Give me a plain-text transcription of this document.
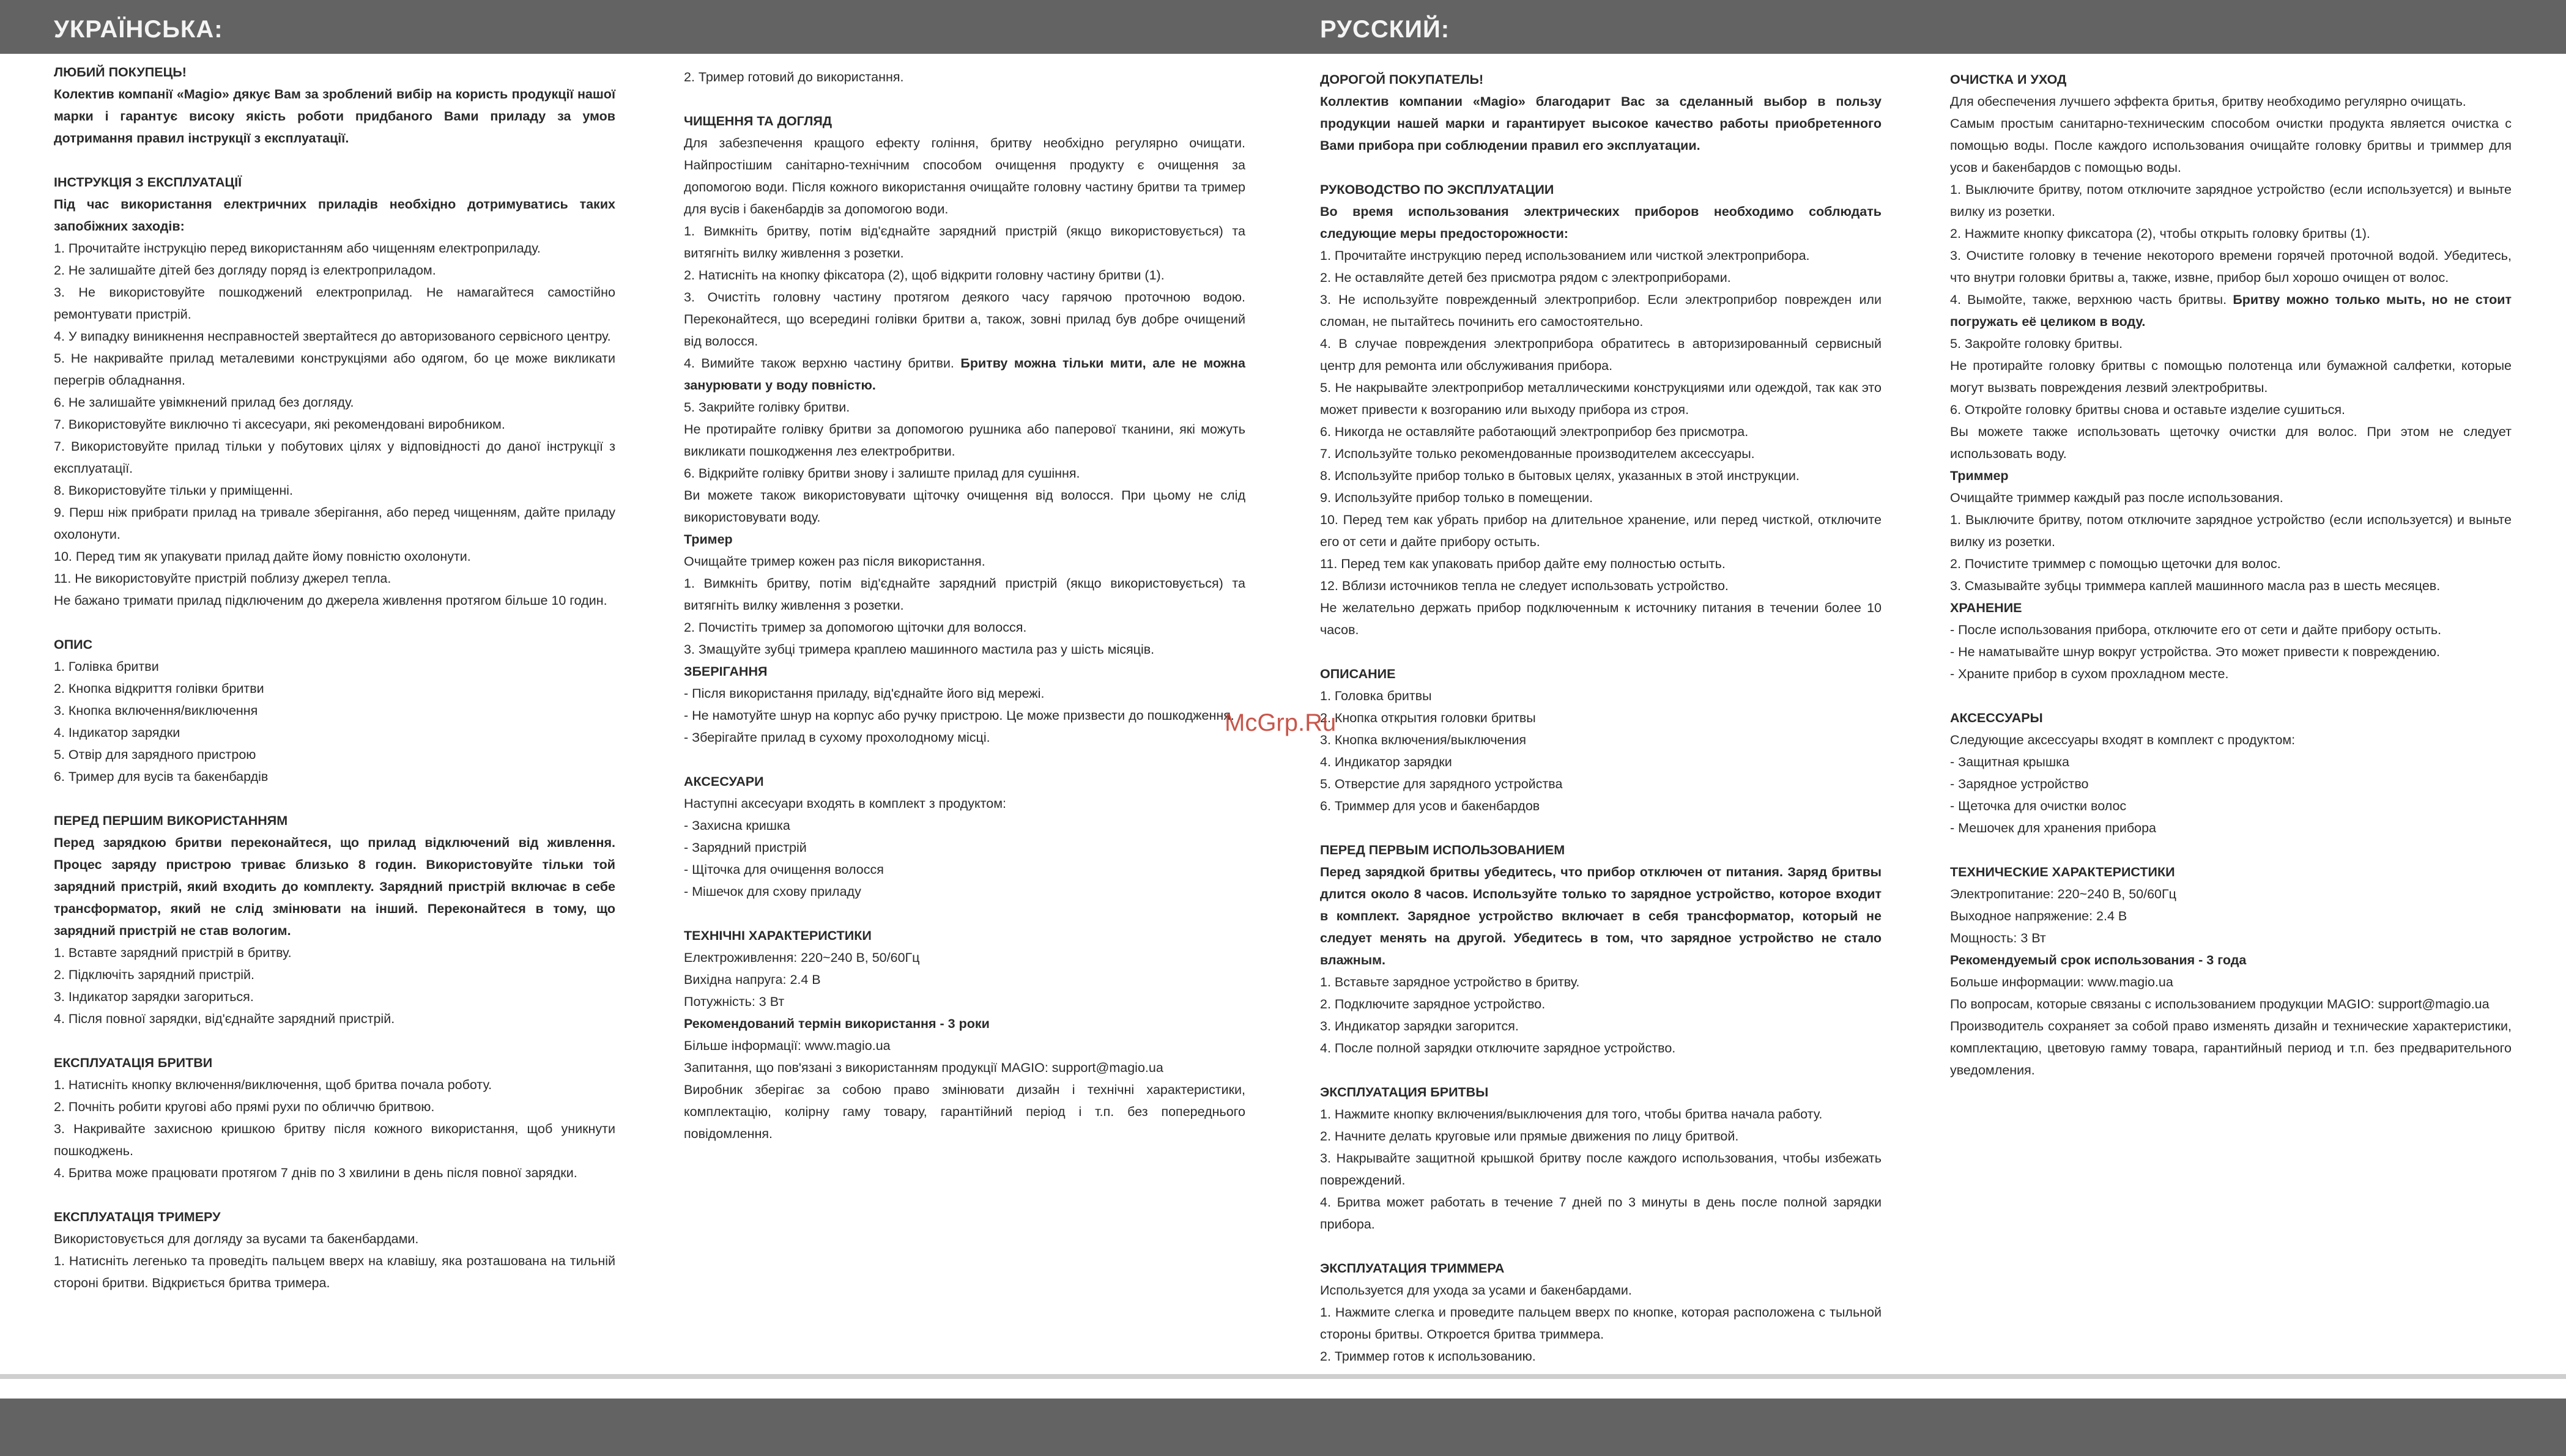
УКРАЇНСЬКА:	РУССКИЙ:

ЛЮБИЙ ПОКУПЕЦЬ!

Колектив компанії «Magio» дякує Вам за зроблений вибір на користь продукції нашої марки і гарантує високу якість роботи придбаного Вами приладу за умов дотримання правил інструкції з експлуатації.

ІНСТРУКЦІЯ З ЕКСПЛУАТАЦІЇ

Під час використання електричних приладів необхідно дотримуватись таких запобіжних заходів:

1. Прочитайте інструкцію перед використанням або чищенням електроприладу.

2. Не залишайте дітей без догляду поряд із електроприладом.

3. Не використовуйте пошкоджений електроприлад. Не намагайтеся самостійно ремонтувати пристрій.

4. У випадку виникнення несправностей звертайтеся до авторизованого сервісного центру.

5. Не накривайте прилад металевими конструкціями або одягом, бо це може викликати перегрів обладнання.

6. Не залишайте увімкнений прилад без догляду.

7. Використовуйте виключно ті аксесуари, які рекомендовані виробником.

7. Використовуйте прилад тільки у побутових цілях у відповідності до даної інструкції з експлуатації.

8. Використовуйте тільки у приміщенні.

9. Перш ніж прибрати прилад на тривале зберігання, або перед чищенням, дайте приладу охолонути.

10. Перед тим як упакувати прилад дайте йому повністю охолонути.

11. Не використовуйте пристрій поблизу джерел тепла.

Не бажано тримати прилад підключеним до джерела живлення протягом більше 10 годин.

ОПИС

1. Голівка бритви

2. Кнопка відкриття голівки бритви

3. Кнопка включення/виключення

4. Індикатор зарядки

5. Отвір для зарядного пристрою

6. Тример для вусів та бакенбардів

ПЕРЕД ПЕРШИМ ВИКОРИСТАННЯМ

Перед зарядкою бритви переконайтеся, що прилад відключений від живлення. Процес заряду пристрою триває близько 8 годин. Використовуйте тільки той зарядний пристрій, який входить до комплекту. Зарядний пристрій включає в себе трансформатор, який не слід змінювати на інший. Переконайтеся в тому, що зарядний пристрій не став вологим.

1. Вставте зарядний пристрій в бритву.

2. Підключіть зарядний пристрій.

3. Індикатор зарядки загориться.

4. Після повної зарядки, від'єднайте зарядний пристрій.

ЕКСПЛУАТАЦІЯ БРИТВИ

1. Натисніть кнопку включення/виключення, щоб бритва почала роботу.

2. Почніть робити кругові або прямі рухи по обличчю бритвою.

3. Накривайте захисною кришкою бритву після кожного використання, щоб уникнути пошкоджень.

4. Бритва може працювати протягом 7 днів по 3 хвилини в день після повної зарядки.

ЕКСПЛУАТАЦІЯ ТРИМЕРУ

Використовується для догляду за вусами та бакенбардами.

1. Натисніть легенько та проведіть пальцем вверх на клавішу, яка розташована на тильній стороні бритви. Відкриється бритва тримера.

2. Тример готовий до використання.

ЧИЩЕННЯ ТА ДОГЛЯД

Для забезпечення кращого ефекту гоління, бритву необхідно регулярно очищати. Найпростішим санітарно-технічним способом очищення продукту є очищення за допомогою води. Після кожного використання очищайте головну частину бритви та тример для вусів і бакенбардів за допомогою води.

1. Вимкніть бритву, потім від'єднайте зарядний пристрій (якщо використовується) та витягніть вилку живлення з розетки.

2. Натисніть на кнопку фіксатора (2), щоб відкрити головну частину бритви (1).

3. Очистіть головну частину протягом деякого часу гарячою проточною водою. Переконайтеся, що всередині голівки бритви а, також, зовні прилад був добре очищений від волосся.

4. Вимийте також верхню частину бритви. Бритву можна тільки мити, але не можна занурювати у воду повністю.

5. Закрийте голівку бритви.

Не протирайте голівку бритви за допомогою рушника або паперової тканини, які можуть викликати пошкодження лез електробритви.

6. Відкрийте голівку бритви знову і залиште прилад для сушіння.

Ви можете також використовувати щіточку очищення від волосся. При цьому не слід використовувати воду.

Тример

Очищайте тример кожен раз після використання.

1. Вимкніть бритву, потім від'єднайте зарядний пристрій (якщо використовується) та витягніть вилку живлення з розетки.

2. Почистіть тример за допомогою щіточки для волосся.

3. Змащуйте зубці тримера краплею машинного мастила раз у шість місяців.

ЗБЕРІГАННЯ

- Після використання приладу, від'єднайте його від мережі.

- Не намотуйте шнур на корпус або ручку пристрою. Це може призвести до пошкодження.

- Зберігайте прилад в сухому прохолодному місці.

АКСЕСУАРИ

Наступні аксесуари входять в комплект з продуктом:

- Захисна кришка

- Зарядний пристрій

- Щіточка для очищення волосся

- Мішечок для схову приладу

ТЕХНІЧНІ ХАРАКТЕРИСТИКИ

Електроживлення: 220~240 В, 50/60Гц

Вихідна напруга: 2.4 В

Потужність: 3 Вт

Рекомендований термін використання - 3 роки

Більше інформації: www.magio.ua

Запитання, що пов'язані з використанням продукції MAGIO: support@magio.ua

Виробник зберігає за собою право змінювати дизайн і технічні характеристики, комплектацію, колірну гаму товару, гарантійний період і т.п. без попереднього повідомлення.

ДОРОГОЙ ПОКУПАТЕЛЬ!

Коллектив компании «Magio» благодарит Вас за сделанный выбор в пользу продукции нашей марки и гарантирует высокое качество работы приобретенного Вами прибора при соблюдении правил его эксплуатации.

РУКОВОДСТВО ПО ЭКСПЛУАТАЦИИ

Во время использования электрических приборов необходимо соблюдать следующие меры предосторожности:

1. Прочитайте инструкцию перед использованием или чисткой электроприбора.

2. Не оставляйте детей без присмотра рядом с электроприборами.

3. Не используйте поврежденный электроприбор. Если электроприбор поврежден или сломан, не пытайтесь починить его самостоятельно.

4. В случае повреждения электроприбора обратитесь в авторизированный сервисный центр для ремонта или обслуживания прибора.

5. Не накрывайте электроприбор металлическими конструкциями или одеждой, так как это может привести к возгоранию или выходу прибора из строя.

6. Никогда не оставляйте работающий электроприбор без присмотра.

7. Используйте только рекомендованные производителем аксессуары.

8. Используйте прибор только в бытовых целях, указанных в этой инструкции.

9. Используйте прибор только в помещении.

10. Перед тем как убрать прибор на длительное хранение, или перед чисткой, отключите его от сети и дайте прибору остыть.

11. Перед тем как упаковать прибор дайте ему полностью остыть.

12. Вблизи источников тепла не следует использовать устройство.

Не желательно держать прибор подключенным к источнику питания в течении более 10 часов.

ОПИСАНИЕ

1. Головка бритвы

2. Кнопка открытия головки бритвы

3. Кнопка включения/выключения

4. Индикатор зарядки

5. Отверстие для зарядного устройства

6. Триммер для усов и бакенбардов

ПЕРЕД ПЕРВЫМ ИСПОЛЬЗОВАНИЕМ

Перед зарядкой бритвы убедитесь, что прибор отключен от питания. Заряд бритвы длится около 8 часов. Используйте только то зарядное устройство, которое входит в комплект. Зарядное устройство включает в себя трансформатор, который не следует менять на другой. Убедитесь в том, что зарядное устройство не стало влажным.

1. Вставьте зарядное устройство в бритву.

2. Подключите зарядное устройство.

3. Индикатор зарядки загорится.

4. После полной зарядки отключите зарядное устройство.

ЭКСПЛУАТАЦИЯ БРИТВЫ

1. Нажмите кнопку включения/выключения для того, чтобы бритва начала работу.

2. Начните делать круговые или прямые движения по лицу бритвой.

3. Накрывайте защитной крышкой бритву после каждого использования, чтобы избежать повреждений.

4. Бритва может работать в течение 7 дней по 3 минуты в день после полной зарядки прибора.

ЭКСПЛУАТАЦИЯ ТРИММЕРА

Используется для ухода за усами и бакенбардами.

1. Нажмите слегка и проведите пальцем вверх по кнопке, которая расположена с тыльной стороны бритвы. Откроется бритва триммера.

2. Триммер готов к использованию.

ОЧИСТКА И УХОД

Для обеспечения лучшего эффекта бритья, бритву необходимо регулярно очищать.

Самым простым санитарно-техническим способом очистки продукта является очистка с помощью воды. После каждого использования очищайте головку бритвы и триммер для усов и бакенбардов с помощью воды.

1. Выключите бритву, потом отключите зарядное устройство (если используется) и выньте вилку из розетки.

2. Нажмите кнопку фиксатора (2), чтобы открыть головку бритвы (1).

3. Очистите головку в течение некоторого времени горячей проточной водой. Убедитесь, что внутри головки бритвы а, также, извне, прибор был хорошо очищен от волос.

4. Вымойте, также, верхнюю часть бритвы. Бритву можно только мыть, но не стоит погружать её целиком в воду.

5. Закройте головку бритвы.

Не протирайте головку бритвы с помощью полотенца или бумажной салфетки, которые могут вызвать повреждения лезвий электробритвы.

6. Откройте головку бритвы снова и оставьте изделие сушиться.

Вы можете также использовать щеточку очистки для волос. При этом не следует использовать воду.

Триммер

Очищайте триммер каждый раз после использования.

1. Выключите бритву, потом отключите зарядное устройство (если используется) и выньте вилку из розетки.

2. Почистите триммер с помощью щеточки для волос.

3. Смазывайте зубцы триммера каплей машинного масла раз в шесть месяцев.

ХРАНЕНИЕ

- После использования прибора, отключите его от сети и дайте прибору остыть.

- Не наматывайте шнур вокруг устройства. Это может привести к повреждению.

- Храните прибор в сухом прохладном месте.

АКСЕССУАРЫ

Следующие аксессуары входят в комплект с продуктом:

- Защитная крышка

- Зарядное устройство

- Щеточка для очистки волос

- Мешочек для хранения прибора

ТЕХНИЧЕСКИЕ ХАРАКТЕРИСТИКИ

Электропитание: 220~240 В, 50/60Гц

Выходное напряжение: 2.4 В

Мощность: 3 Вт

Рекомендуемый срок использования - 3 года

Больше информации: www.magio.ua

По вопросам, которые связаны с использованием продукции MAGIO: support@magio.ua

Производитель сохраняет за собой право изменять дизайн и технические характеристики, комплектацию, цветовую гамму товара, гарантийный период и т.п. без предварительного уведомления.

McGrp.Ru
